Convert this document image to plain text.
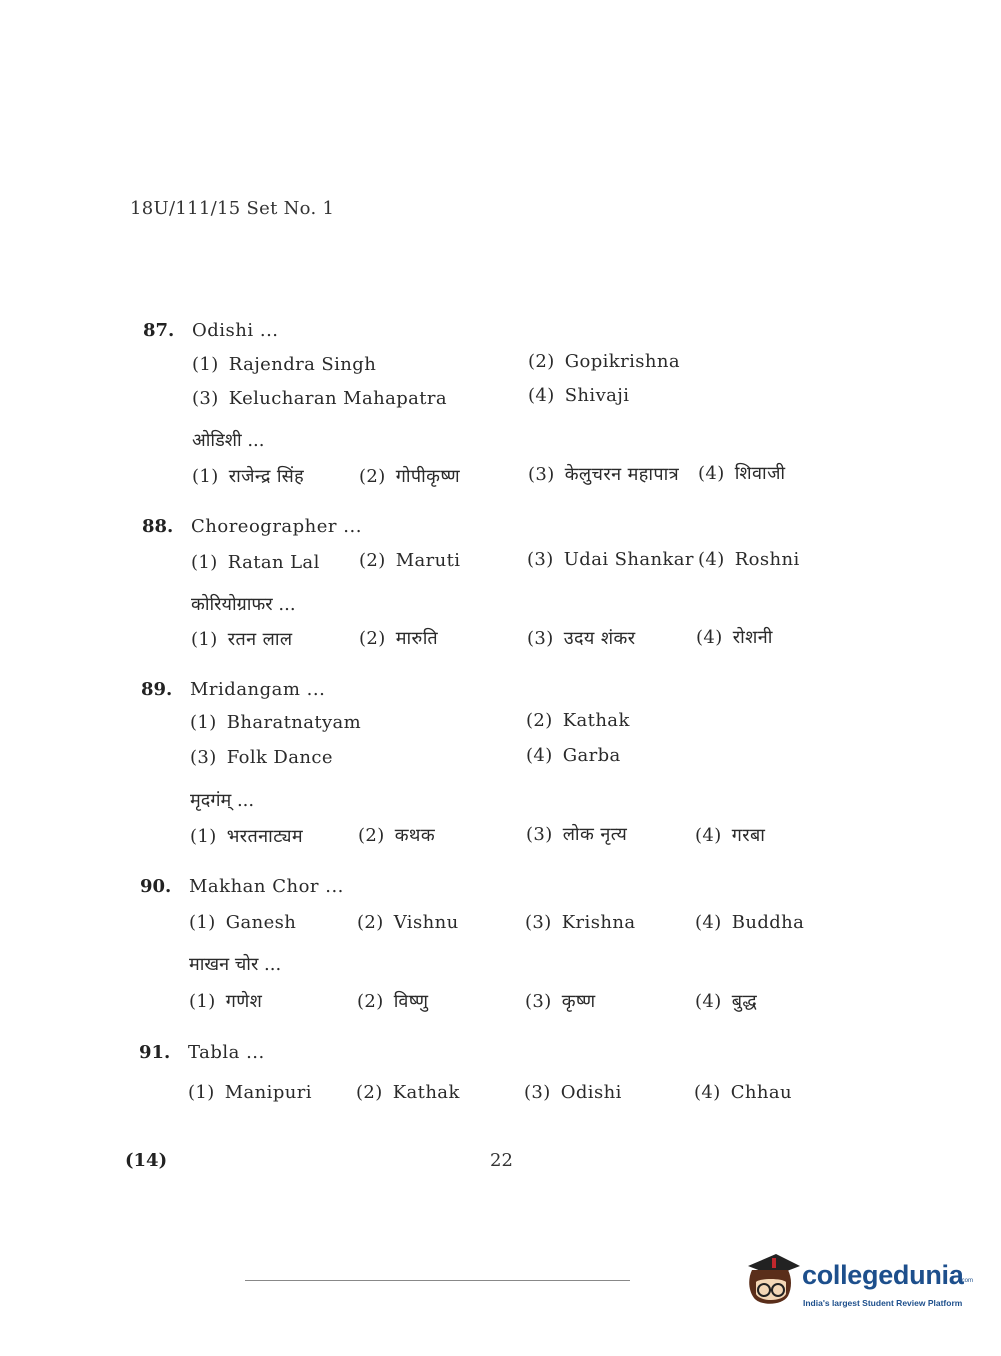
18U/111/15 Set No. 1
87. Odishi ...
(1) Rajendra Singh	(2) Gopikrishna
(3) Kelucharan Mahapatra	(4) Shivaji
ओडिशी ...
(1) राजेन्द्र सिंह	(2) गोपीकृष्ण	(3) केलुचरन महापात्र (4) शिवाजी
88. Choreographer ...
(1) Ratan Lal (2) Maruti	(3) Udai Shankar (4) Roshni
कोरियोग्राफर ...
(1) रतन लाल	(2) मारुति	(3) उदय शंकर	(4) रोशनी
89. Mridangam ...
(1) Bharatnatyam	(2) Kathak
(3) Folk Dance	(4) Garba
मृदगंम् ...
(1) भरतनाट्यम	(2) कथक	(3) लोक नृत्य	(4) गरबा
90. Makhan Chor ...
(1) Ganesh	(2) Vishnu	(3) Krishna	(4) Buddha
माखन चोर ...
(1) गणेश	(2) विष्णु	(3) कृष्ण	(4) बुद्ध
91. Tabla ...
(1) Manipuri (2) Kathak	(3) Odishi	(4) Chhau
(14)	22
collegedunia
.com
India's largest Student Review Platform
